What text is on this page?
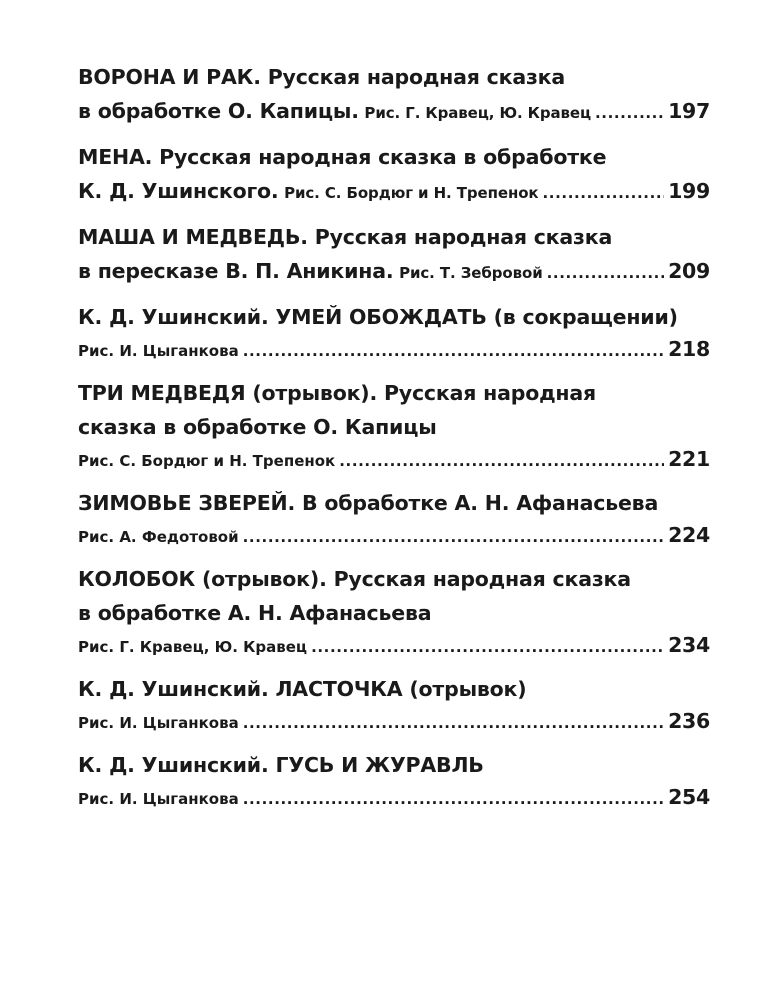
ВОРОНА И РАК. Русская народная сказка
в обработке О. Капицы.
Рис. Г. Кравец, Ю. Кравец .....	197
МЕНА. Русская народная сказка в обработке
К. Д. Ушинского.
Рис. С. Бордюг и Н. Трепенок .....	199
МАША И МЕДВЕДЬ. Русская народная сказка
в пересказе В. П. Аникина.
Рис. Т. Зебровой .....	209
К. Д. Ушинский. УМЕЙ ОБОЖДАТЬ (в сокращении)
Рис. И. Цыганкова .....	218
ТРИ МЕДВЕДЯ (отрывок). Русская народная
сказка в обработке О. Капицы
Рис. С. Бордюг и Н. Трепенок .....	221
ЗИМОВЬЕ ЗВЕРЕЙ. В обработке А. Н. Афанасьева
Рис. А. Федотовой .....	224
КОЛОБОК (отрывок). Русская народная сказка
в обработке А. Н. Афанасьева
Рис. Г. Кравец, Ю. Кравец .....	234
К. Д. Ушинский. ЛАСТОЧКА (отрывок)
Рис. И. Цыганкова .....	236
К. Д. Ушинский. ГУСЬ И ЖУРАВЛЬ
Рис. И. Цыганкова .....	254
